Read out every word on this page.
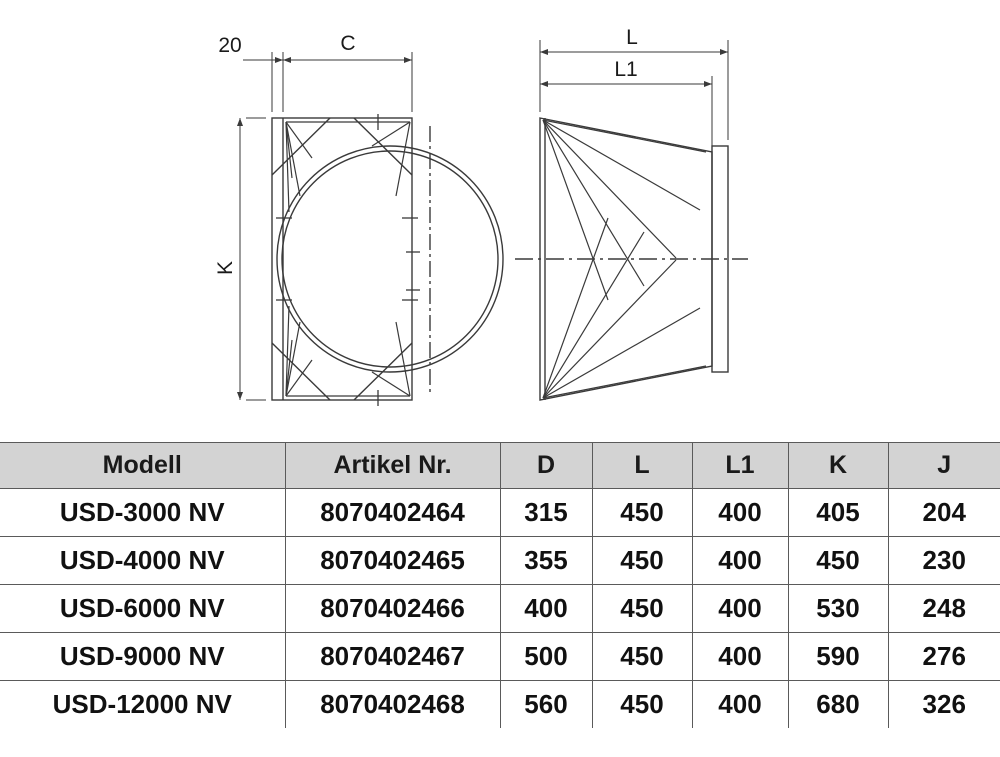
20	C
K
L
L1
Modell	Artikel Nr.	D	L	L1	K	J
USD-3000 NV	8070402464	315	450	400	405	204
USD-4000 NV	8070402465	355	450	400	450	230
USD-6000 NV	8070402466	400	450	400	530	248
USD-9000 NV	8070402467	500	450	400	590	276
USD-12000 NV	8070402468	560	450	400	680	326
